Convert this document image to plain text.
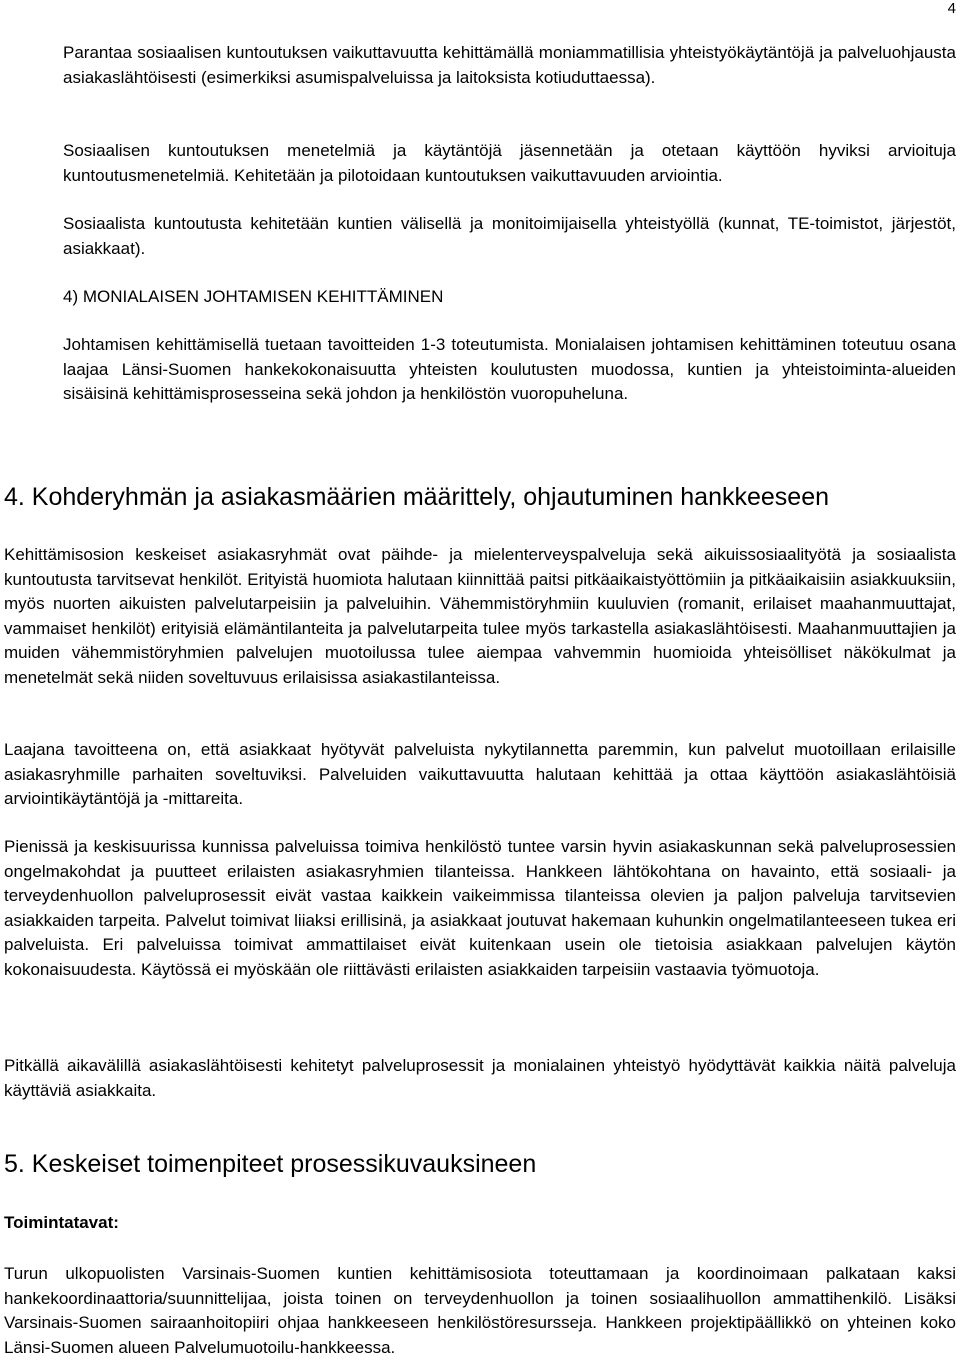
4

Parantaa sosiaalisen kuntoutuksen vaikuttavuutta kehittämällä moniammatillisia yhteistyökäytäntöjä ja palveluohjausta asiakaslähtöisesti (esimerkiksi asumispalveluissa ja laitoksista kotiuduttaessa).

Sosiaalisen kuntoutuksen menetelmiä ja käytäntöjä jäsennetään ja otetaan käyttöön hyviksi arvioituja kuntoutusmenetelmiä. Kehitetään ja pilotoidaan kuntoutuksen vaikuttavuuden arviointia.

Sosiaalista kuntoutusta kehitetään kuntien välisellä ja monitoimijaisella yhteistyöllä (kunnat, TE-toimistot, järjestöt, asiakkaat).

4) MONIALAISEN JOHTAMISEN KEHITTÄMINEN

Johtamisen kehittämisellä tuetaan tavoitteiden 1-3 toteutumista. Monialaisen johtamisen kehittäminen toteutuu osana laajaa Länsi-Suomen hankekokonaisuutta yhteisten koulutusten muodossa, kuntien ja yhteistoiminta-alueiden sisäisinä kehittämisprosesseina sekä johdon ja henkilöstön vuoropuheluna.

4. Kohderyhmän ja asiakasmäärien määrittely, ohjautuminen hankkeeseen

Kehittämisosion keskeiset asiakasryhmät ovat päihde- ja mielenterveyspalveluja sekä aikuissosiaalityötä ja sosiaalista kuntoutusta tarvitsevat henkilöt. Erityistä huomiota halutaan kiinnittää paitsi pitkäaikaistyöttömiin ja pitkäaikaisiin asiakkuuksiin, myös nuorten aikuisten palvelutarpeisiin ja palveluihin. Vähemmistöryhmiin kuuluvien (romanit, erilaiset maahanmuuttajat, vammaiset henkilöt) erityisiä elämäntilanteita ja palvelutarpeita tulee myös tarkastella asiakaslähtöisesti. Maahanmuuttajien ja muiden vähemmistöryhmien palvelujen muotoilussa tulee aiempaa vahvemmin huomioida yhteisölliset näkökulmat ja menetelmät sekä niiden soveltuvuus erilaisissa asiakastilanteissa.

Laajana tavoitteena on, että asiakkaat hyötyvät palveluista nykytilannetta paremmin, kun palvelut muotoillaan erilaisille asiakasryhmille parhaiten soveltuviksi. Palveluiden vaikuttavuutta halutaan kehittää ja ottaa käyttöön asiakaslähtöisiä arviointikäytäntöjä ja -mittareita.

Pienissä ja keskisuurissa kunnissa palveluissa toimiva henkilöstö tuntee varsin hyvin asiakaskunnan sekä palveluprosessien ongelmakohdat ja puutteet erilaisten asiakasryhmien tilanteissa. Hankkeen lähtökohtana on havainto, että sosiaali- ja terveydenhuollon palveluprosessit eivät vastaa kaikkein vaikeimmissa tilanteissa olevien ja paljon palveluja tarvitsevien asiakkaiden tarpeita. Palvelut toimivat liiaksi erillisinä, ja asiakkaat joutuvat hakemaan kuhunkin ongelmatilanteeseen tukea eri palveluista. Eri palveluissa toimivat ammattilaiset eivät kuitenkaan usein ole tietoisia asiakkaan palvelujen käytön kokonaisuudesta. Käytössä ei myöskään ole riittävästi erilaisten asiakkaiden tarpeisiin vastaavia työmuotoja.

Pitkällä aikavälillä asiakaslähtöisesti kehitetyt palveluprosessit ja monialainen yhteistyö hyödyttävät kaikkia näitä palveluja käyttäviä asiakkaita.

5. Keskeiset toimenpiteet prosessikuvauksineen
Toimintatavat:

Turun ulkopuolisten Varsinais-Suomen kuntien kehittämisosiota toteuttamaan ja koordinoimaan palkataan kaksi hankekoordinaattoria/suunnittelijaa, joista toinen on terveydenhuollon ja toinen sosiaalihuollon ammattihenkilö. Lisäksi Varsinais-Suomen sairaanhoitopiiri ohjaa hankkeeseen henkilöstöresursseja. Hankkeen projektipäällikkö on yhteinen koko Länsi-Suomen alueen Palvelumuotoilu-hankkeessa.
